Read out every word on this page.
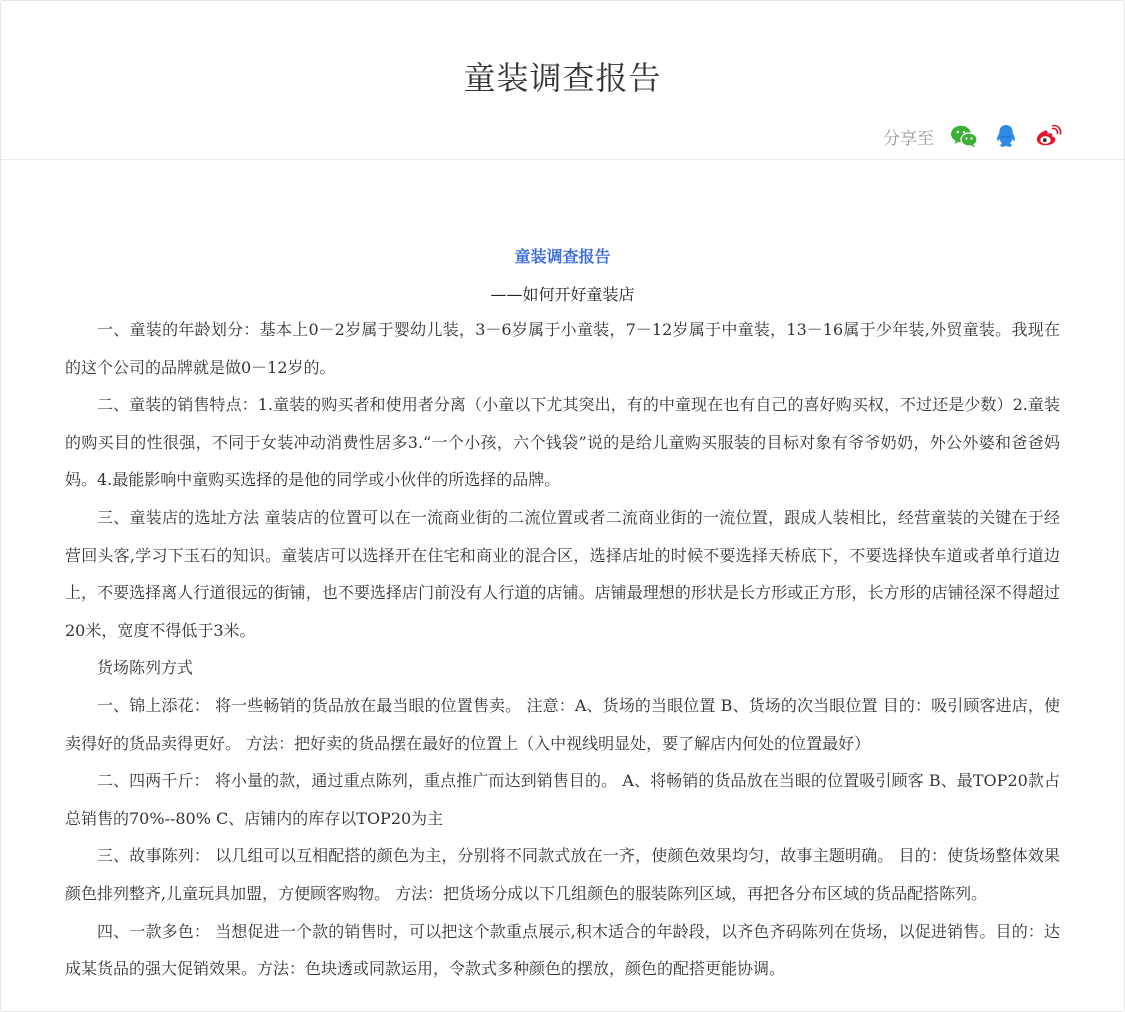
童装调查报告
分享至
童装调查报告
——如何开好童装店

一、童装的年龄划分：基本上0－2岁属于婴幼儿装，3－6岁属于小童装，7－12岁属于中童装，13－16属于少年装,外贸童装。我现在的这个公司的品牌就是做0－12岁的。

二、童装的销售特点：1.童装的购买者和使用者分离（小童以下尤其突出，有的中童现在也有自己的喜好购买权，不过还是少数）2.童装的购买目的性很强，不同于女装冲动消费性居多3.“一个小孩，六个钱袋”说的是给儿童购买服装的目标对象有爷爷奶奶，外公外婆和爸爸妈妈。4.最能影响中童购买选择的是他的同学或小伙伴的所选择的品牌。

三、童装店的选址方法 童装店的位置可以在一流商业街的二流位置或者二流商业街的一流位置，跟成人装相比，经营童装的关键在于经营回头客,学习下玉石的知识。童装店可以选择开在住宅和商业的混合区，选择店址的时候不要选择天桥底下，不要选择快车道或者单行道边上，不要选择离人行道很远的街铺，也不要选择店门前没有人行道的店铺。店铺最理想的形状是长方形或正方形，长方形的店铺径深不得超过20米，宽度不得低于3米。

货场陈列方式

一、锦上添花： 将一些畅销的货品放在最当眼的位置售卖。 注意：A、货场的当眼位置 B、货场的次当眼位置 目的：吸引顾客进店，使卖得好的货品卖得更好。 方法：把好卖的货品摆在最好的位置上（入中视线明显处，要了解店内何处的位置最好）

二、四两千斤： 将小量的款，通过重点陈列，重点推广而达到销售目的。 A、将畅销的货品放在当眼的位置吸引顾客 B、最TOP20款占总销售的70%--80% C、店铺内的库存以TOP20为主

三、故事陈列： 以几组可以互相配搭的颜色为主，分别将不同款式放在一齐，使颜色效果均匀，故事主题明确。 目的：使货场整体效果颜色排列整齐,儿童玩具加盟，方便顾客购物。 方法：把货场分成以下几组颜色的服装陈列区域，再把各分布区域的货品配搭陈列。

四、一款多色： 当想促进一个款的销售时，可以把这个款重点展示,积木适合的年龄段，以齐色齐码陈列在货场，以促进销售。目的：达成某货品的强大促销效果。方法：色块透或同款运用，令款式多种颜色的摆放，颜色的配搭更能协调。
